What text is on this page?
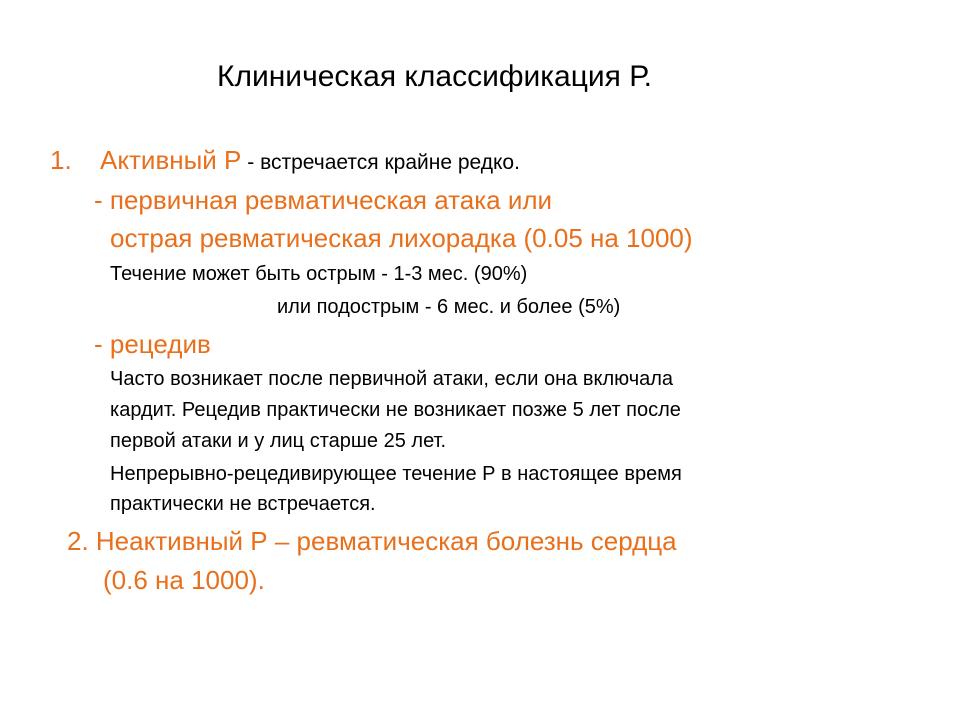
Клиническая классификация Р.
1. Активный Р - встречается крайне редко.
- первичная ревматическая атака или
острая ревматическая лихорадка (0.05 на 1000)
Течение может быть острым - 1-3 мес. (90%)
или подострым - 6 мес. и более (5%)
- рецедив
Часто возникает после первичной атаки, если она включала
кардит. Рецедив практически не возникает позже 5 лет после
первой атаки и у лиц старше 25 лет.
Непрерывно-рецедивирующее течение Р в настоящее время
практически не встречается.
2. Неактивный Р – ревматическая болезнь сердца
(0.6 на 1000).
